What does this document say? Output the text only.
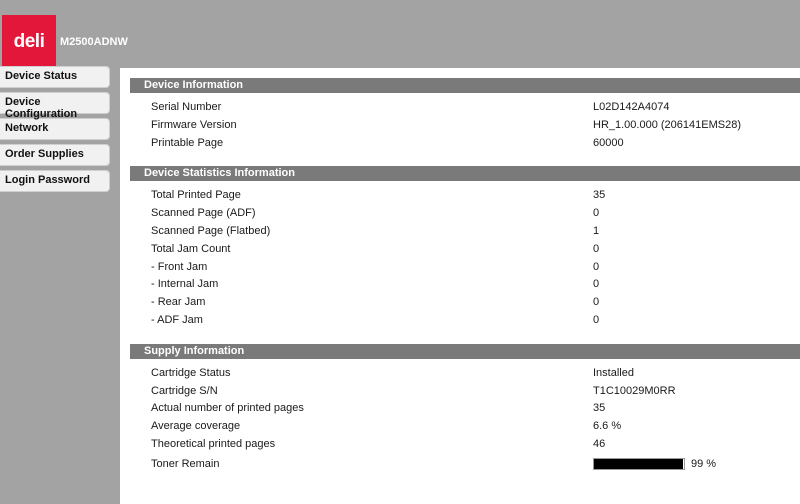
deli	M2500ADNW
Device Status
Device Configuration
Network
Order Supplies
Login Password
Device Information
Serial Number	L02D142A4074
Firmware Version	HR_1.00.000 (206141EMS28)
Printable Page	60000
Device Statistics Information
Total Printed Page	35
Scanned Page (ADF)	0
Scanned Page (Flatbed)	1
Total Jam Count	0
- Front Jam	0
- Internal Jam	0
- Rear Jam	0
- ADF Jam	0
Supply Information
Cartridge Status	Installed
Cartridge S/N	T1C10029M0RR
Actual number of printed pages	35
Average coverage	6.6 %
Theoretical printed pages	46
Toner Remain	99 %
